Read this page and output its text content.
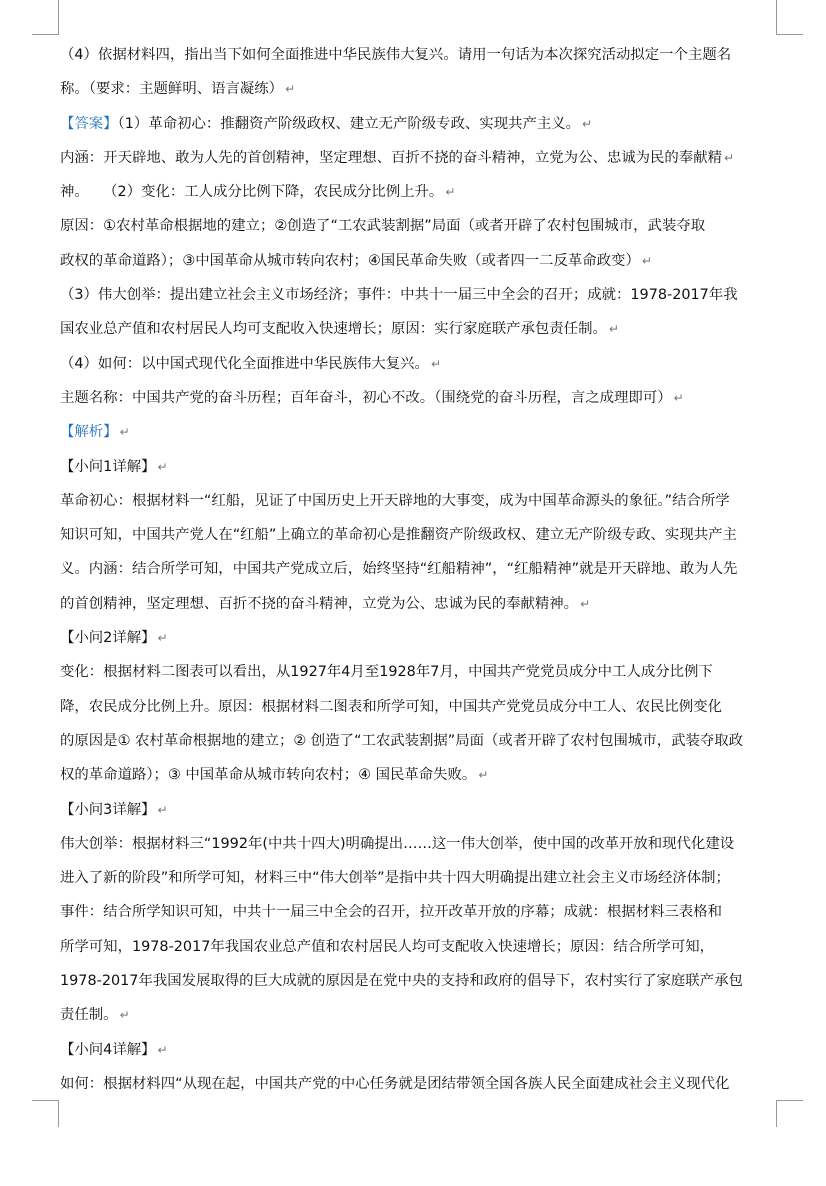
（4）依据材料四，指出当下如何全面推进中华民族伟大复兴。请用一句话为本次探究活动拟定一个主题名
称。（要求：主题鲜明、语言凝练） ↵
【答案】（1）革命初心：推翻资产阶级政权、建立无产阶级专政、实现共产主义。 ↵
内涵：开天辟地、敢为人先的首创精神，坚定理想、百折不挠的奋斗精神，立党为公、忠诚为民的奉献精 ↵
神。　　（2）变化：工人成分比例下降，农民成分比例上升。 ↵
原因：①农村革命根据地的建立；②创造了“工农武装割据”局面（或者开辟了农村包围城市，武装夺取
政权的革命道路）；③中国革命从城市转向农村；④国民革命失败（或者四一二反革命政变） ↵
（3）伟大创举：提出建立社会主义市场经济；事件：中共十一届三中全会的召开；成就：1978-2017年我
国农业总产值和农村居民人均可支配收入快速增长；原因：实行家庭联产承包责任制。 ↵
（4）如何：以中国式现代化全面推进中华民族伟大复兴。 ↵
主题名称：中国共产党的奋斗历程；百年奋斗，初心不改。（围绕党的奋斗历程，言之成理即可） ↵
【解析】 ↵
【小问1详解】 ↵
革命初心：根据材料一“红船，见证了中国历史上开天辟地的大事变，成为中国革命源头的象征。”结合所学
知识可知，中国共产党人在“红船”上确立的革命初心是推翻资产阶级政权、建立无产阶级专政、实现共产主
义。内涵：结合所学可知，中国共产党成立后，始终坚持“红船精神”，“红船精神”就是开天辟地、敢为人先
的首创精神，坚定理想、百折不挠的奋斗精神，立党为公、忠诚为民的奉献精神。 ↵
【小问2详解】 ↵
变化：根据材料二图表可以看出，从1927年4月至1928年7月，中国共产党党员成分中工人成分比例下
降，农民成分比例上升。原因：根据材料二图表和所学可知，中国共产党党员成分中工人、农民比例变化
的原因是① 农村革命根据地的建立；② 创造了“工农武装割据”局面（或者开辟了农村包围城市，武装夺取政
权的革命道路）；③ 中国革命从城市转向农村；④ 国民革命失败。 ↵
【小问3详解】 ↵
伟大创举：根据材料三“1992年(中共十四大)明确提出……这一伟大创举，使中国的改革开放和现代化建设
进入了新的阶段”和所学可知，材料三中“伟大创举”是指中共十四大明确提出建立社会主义市场经济体制；
事件：结合所学知识可知，中共十一届三中全会的召开，拉开改革开放的序幕；成就：根据材料三表格和
所学可知，1978-2017年我国农业总产值和农村居民人均可支配收入快速增长；原因：结合所学可知，
1978-2017年我国发展取得的巨大成就的原因是在党中央的支持和政府的倡导下，农村实行了家庭联产承包
责任制。 ↵
【小问4详解】 ↵
如何：根据材料四“从现在起，中国共产党的中心任务就是团结带领全国各族人民全面建成社会主义现代化
